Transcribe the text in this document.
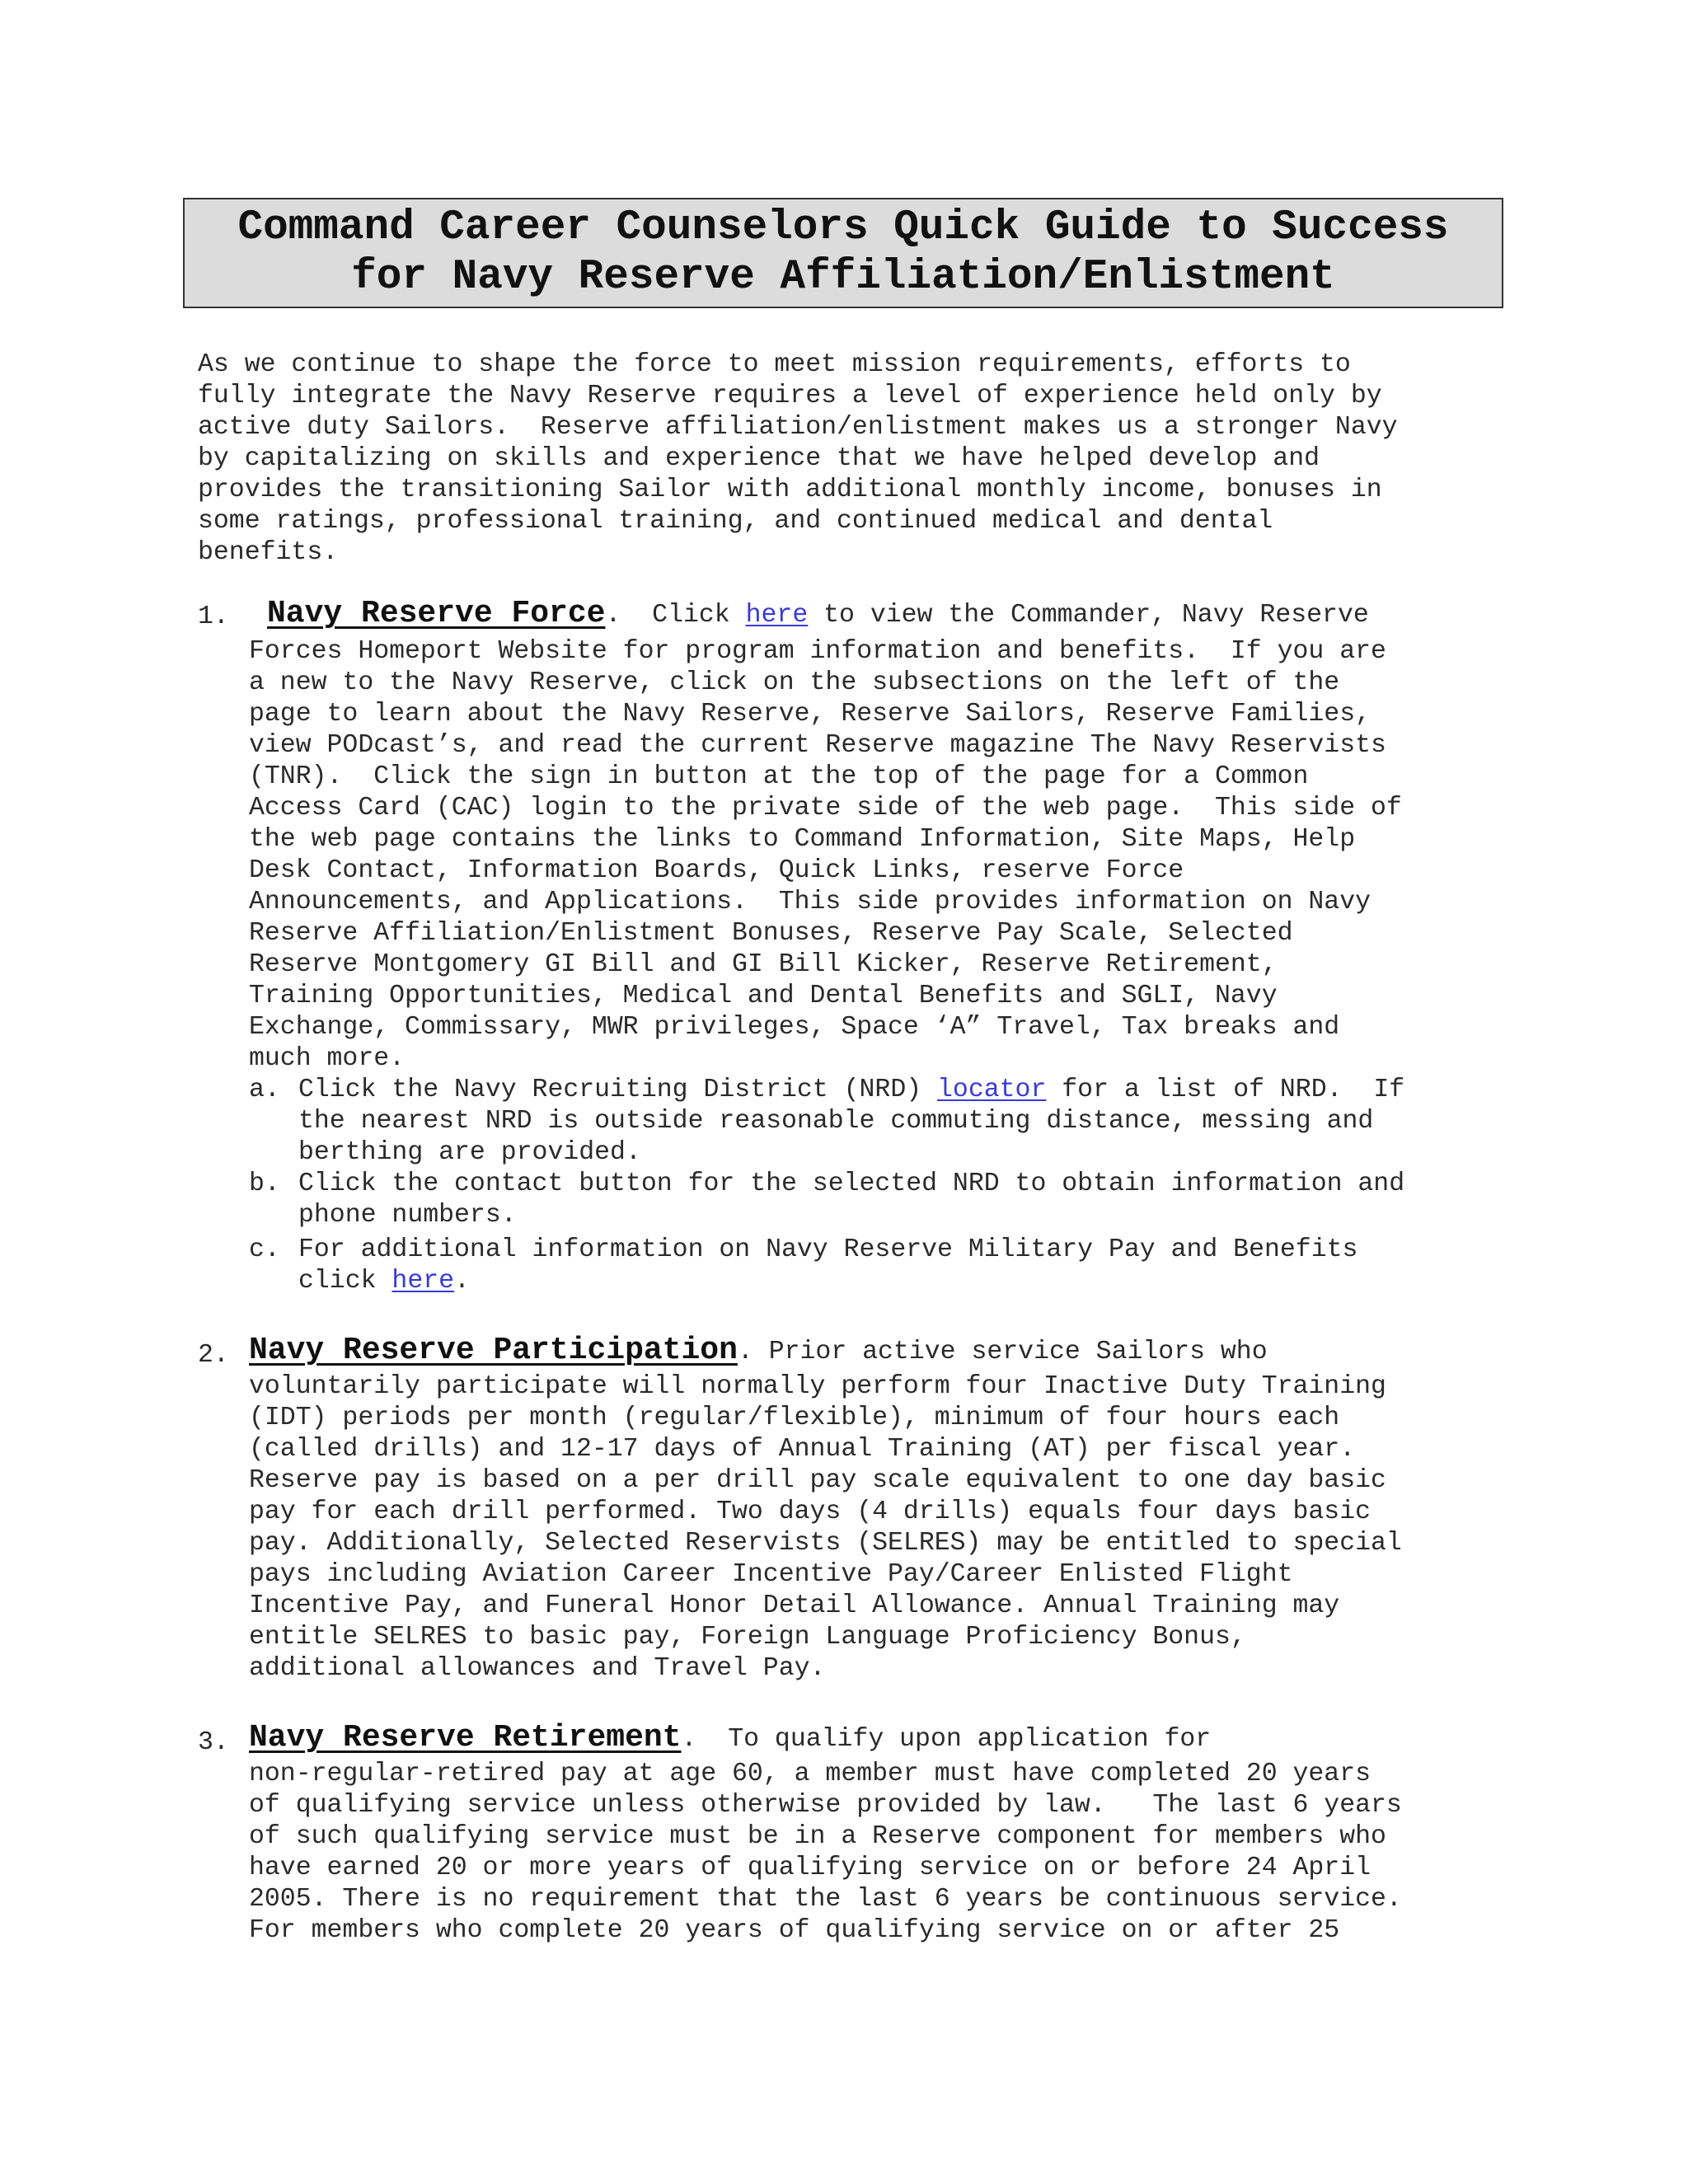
Command Career Counselors Quick Guide to Success
for Navy Reserve Affiliation/Enlistment
As we continue to shape the force to meet mission requirements, efforts to
fully integrate the Navy Reserve requires a level of experience held only by
active duty Sailors.  Reserve affiliation/enlistment makes us a stronger Navy
by capitalizing on skills and experience that we have helped develop and
provides the transitioning Sailor with additional monthly income, bonuses in
some ratings, professional training, and continued medical and dental
benefits.
1. Navy Reserve Force.  Click here to view the Commander, Navy Reserve
Forces Homeport Website for program information and benefits.  If you are
a new to the Navy Reserve, click on the subsections on the left of the
page to learn about the Navy Reserve, Reserve Sailors, Reserve Families,
view PODcast’s, and read the current Reserve magazine The Navy Reservists
(TNR).  Click the sign in button at the top of the page for a Common
Access Card (CAC) login to the private side of the web page.  This side of
the web page contains the links to Command Information, Site Maps, Help
Desk Contact, Information Boards, Quick Links, reserve Force
Announcements, and Applications.  This side provides information on Navy
Reserve Affiliation/Enlistment Bonuses, Reserve Pay Scale, Selected
Reserve Montgomery GI Bill and GI Bill Kicker, Reserve Retirement,
Training Opportunities, Medical and Dental Benefits and SGLI, Navy
Exchange, Commissary, MWR privileges, Space ‘A” Travel, Tax breaks and
much more.
a. Click the Navy Recruiting District (NRD) locator for a list of NRD.  If
the nearest NRD is outside reasonable commuting distance, messing and
berthing are provided.
b. Click the contact button for the selected NRD to obtain information and
phone numbers.
c. For additional information on Navy Reserve Military Pay and Benefits
click here.
2. Navy Reserve Participation. Prior active service Sailors who
voluntarily participate will normally perform four Inactive Duty Training
(IDT) periods per month (regular/flexible), minimum of four hours each
(called drills) and 12-17 days of Annual Training (AT) per fiscal year.
Reserve pay is based on a per drill pay scale equivalent to one day basic
pay for each drill performed. Two days (4 drills) equals four days basic
pay. Additionally, Selected Reservists (SELRES) may be entitled to special
pays including Aviation Career Incentive Pay/Career Enlisted Flight
Incentive Pay, and Funeral Honor Detail Allowance. Annual Training may
entitle SELRES to basic pay, Foreign Language Proficiency Bonus,
additional allowances and Travel Pay.
3. Navy Reserve Retirement.  To qualify upon application for
non-regular-retired pay at age 60, a member must have completed 20 years
of qualifying service unless otherwise provided by law.   The last 6 years
of such qualifying service must be in a Reserve component for members who
have earned 20 or more years of qualifying service on or before 24 April
2005. There is no requirement that the last 6 years be continuous service.
For members who complete 20 years of qualifying service on or after 25
